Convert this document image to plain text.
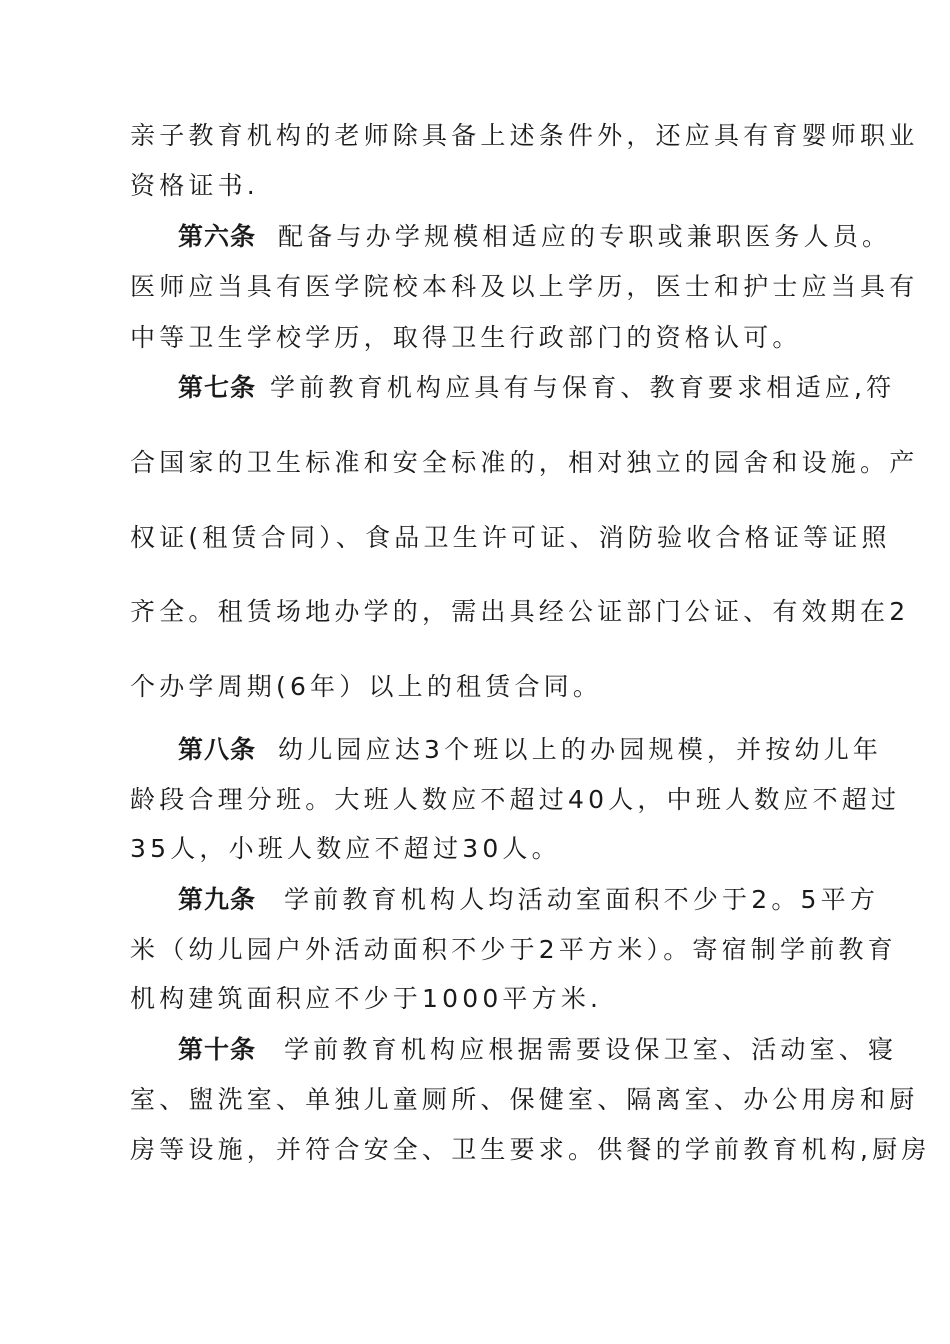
亲子教育机构的老师除具备上述条件外，还应具有育婴师职业
资格证书.
第六条 配备与办学规模相适应的专职或兼职医务人员。
医师应当具有医学院校本科及以上学历，医士和护士应当具有
中等卫生学校学历，取得卫生行政部门的资格认可。
第七条 学前教育机构应具有与保育、教育要求相适应,符
合国家的卫生标准和安全标准的，相对独立的园舍和设施。产
权证(租赁合同）、食品卫生许可证、消防验收合格证等证照
齐全。租赁场地办学的，需出具经公证部门公证、有效期在2
个办学周期(6年）以上的租赁合同。
第八条 幼儿园应达3个班以上的办园规模，并按幼儿年
龄段合理分班。大班人数应不超过40人，中班人数应不超过
35人，小班人数应不超过30人。
第九条 学前教育机构人均活动室面积不少于2。5平方
米（幼儿园户外活动面积不少于2平方米）。寄宿制学前教育
机构建筑面积应不少于1000平方米.
第十条 学前教育机构应根据需要设保卫室、活动室、寝
室、盥洗室、单独儿童厕所、保健室、隔离室、办公用房和厨
房等设施，并符合安全、卫生要求。供餐的学前教育机构,厨房
